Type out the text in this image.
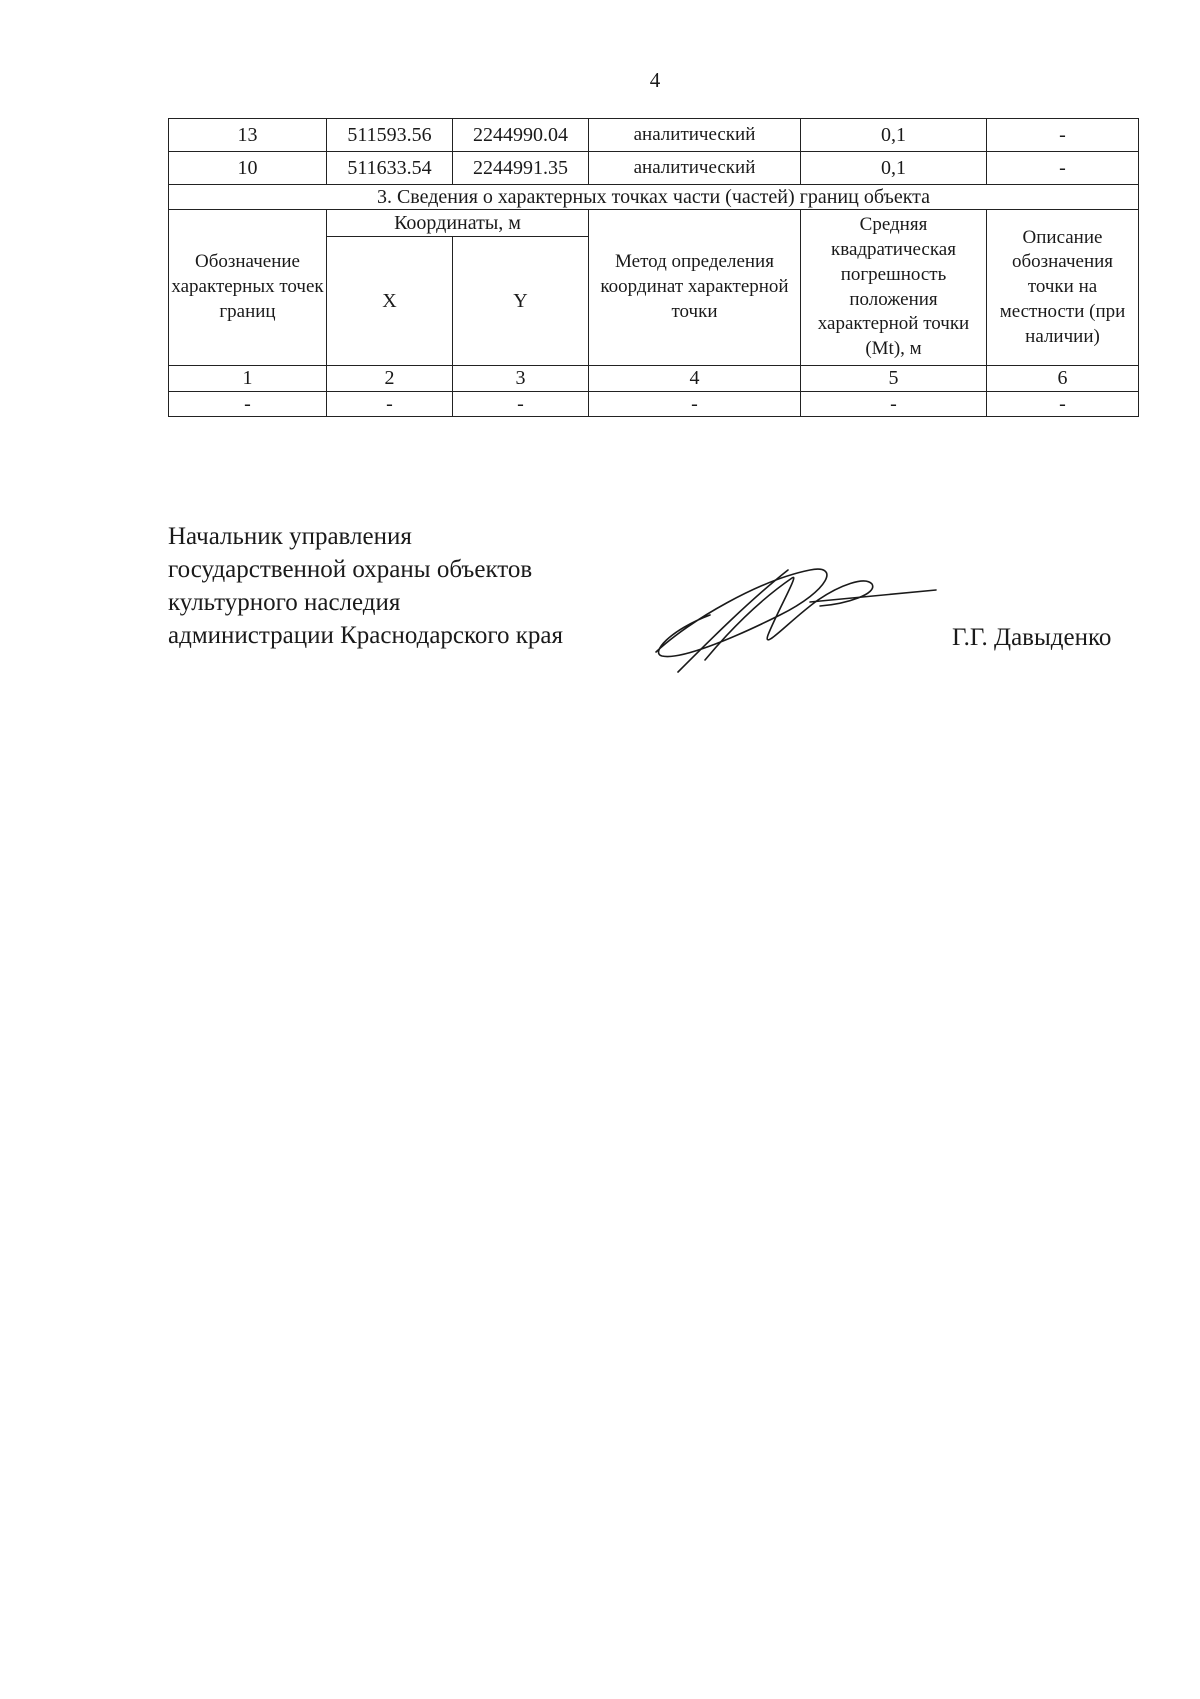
4
13	511593.56	2244990.04	аналитический	0,1	-
10	511633.54	2244991.35	аналитический	0,1	-
3. Сведения о характерных точках части (частей) границ объекта					
Обозначение характерных точек границ	Координаты, м		Метод определения координат характерной точки	Средняя квадратическая погрешность положения характерной точки (Mt), м	Описание обозначения точки на местности (при наличии)
	X	Y			
1	2	3	4	5	6
-	-	-	-	-	-
Начальник управления
государственной охраны объектов
культурного наследия
администрации Краснодарского края	Г.Г. Давыденко
